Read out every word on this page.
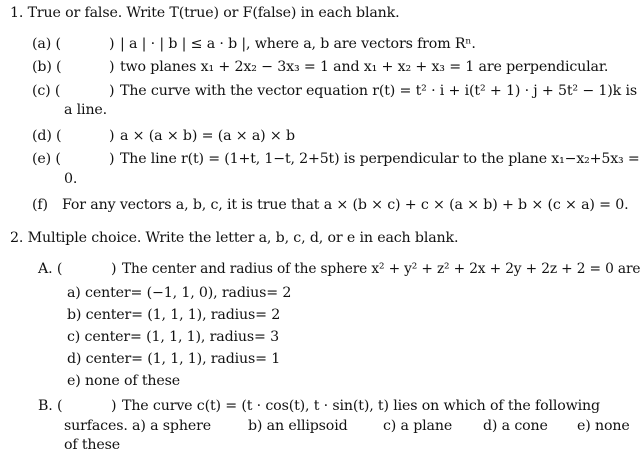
1. True or false. Write T(true) or F(false) in each blank.
(a) (	) | a | · | b | ≤ a · b |, where a, b are vectors from Rⁿ.
(b) (	) two planes x₁ + 2x₂ − 3x₃ = 1 and x₁ + x₂ + x₃ = 1 are perpendicular.
(c) (	) The curve with the vector equation r(t) = t² · i + i(t² + 1) · j + 5t² − 1)k is
a line.
(d) (	) a × (a × b) = (a × a) × b
(e) (	) The line r(t) = (1+t, 1−t, 2+5t) is perpendicular to the plane x₁−x₂+5x₃ =
0.
(f) For any vectors a, b, c, it is true that a × (b × c) + c × (a × b) + b × (c × a) = 0.
2. Multiple choice. Write the letter a, b, c, d, or e in each blank.
A. (	) The center and radius of the sphere x² + y² + z² + 2x + 2y + 2z + 2 = 0 are
a) center= (−1, 1, 0), radius= 2
b) center= (1, 1, 1), radius= 2
c) center= (1, 1, 1), radius= 3
d) center= (1, 1, 1), radius= 1
e) none of these
B. (	) The curve c(t) = (t · cos(t), t · sin(t), t) lies on which of the following
surfaces. a) a sphere	b) an ellipsoid c) a plane d) a cone e) none
of these
